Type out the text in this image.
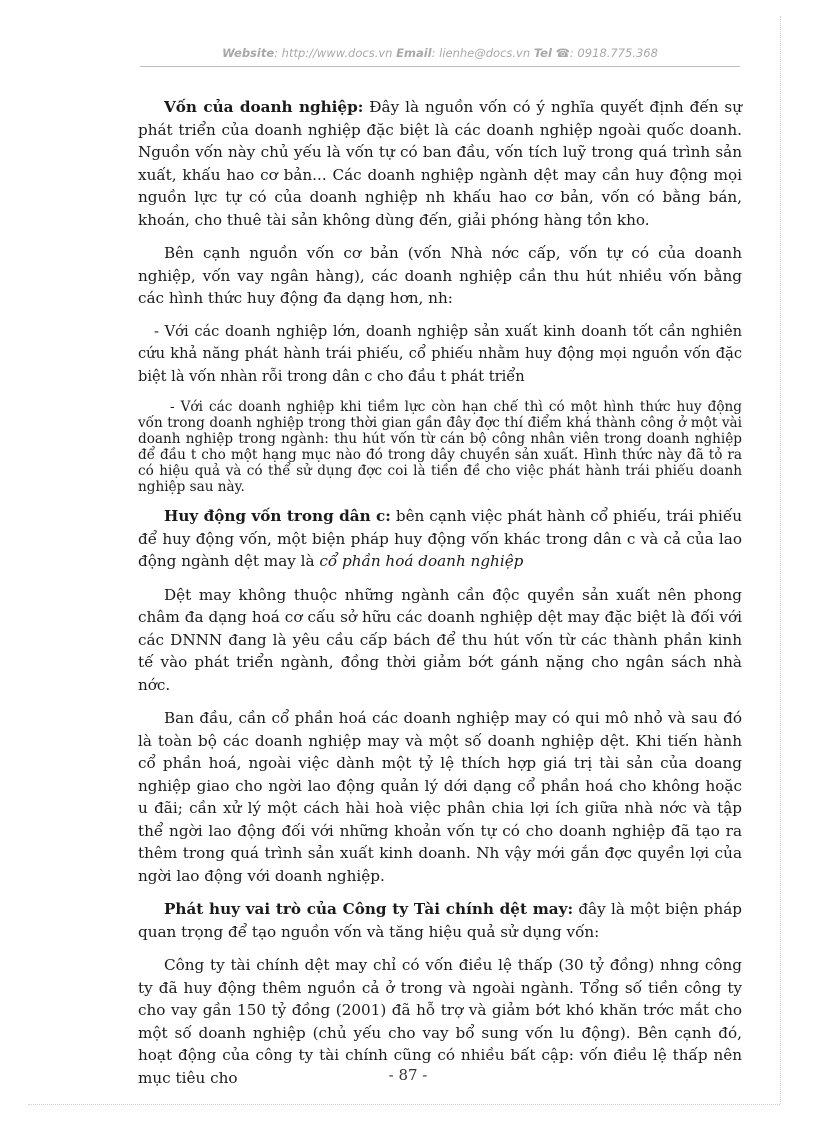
Website: http://www.docs.vn Email: lienhe@docs.vn Tel ☎: 0918.775.368

Vốn của doanh nghiệp: Đây là nguồn vốn có ý nghĩa quyết định đến sự phát triển của doanh nghiệp đặc biệt là các doanh nghiệp ngoài quốc doanh. Nguồn vốn này chủ yếu là vốn tự có ban đầu, vốn tích luỹ trong quá trình sản xuất, khấu hao cơ bản... Các doanh nghiệp ngành dệt may cần huy động mọi nguồn lực tự có của doanh nghiệp nh khấu hao cơ bản, vốn có bằng bán, khoán, cho thuê tài sản không dùng đến, giải phóng hàng tồn kho.

Bên cạnh nguồn vốn cơ bản (vốn Nhà nớc cấp, vốn tự có của doanh nghiệp, vốn vay ngân hàng), các doanh nghiệp cần thu hút nhiều vốn bằng các hình thức huy động đa dạng hơn, nh:

- Với các doanh nghiệp lớn, doanh nghiệp sản xuất kinh doanh tốt cần nghiên cứu khả năng phát hành trái phiếu, cổ phiếu nhằm huy động mọi nguồn vốn đặc biệt là vốn nhàn rỗi trong dân c cho đầu t phát triển

- Với các doanh nghiệp khi tiềm lực còn hạn chế thì có một hình thức huy động vốn trong doanh nghiệp trong thời gian gần đây đợc thí điểm khá thành công ở một vài doanh nghiệp trong ngành: thu hút vốn từ cán bộ công nhân viên trong doanh nghiệp để đầu t cho một hạng mục nào đó trong dây chuyền sản xuất. Hình thức này đã tỏ ra có hiệu quả và có thể sử dụng đợc coi là tiền đề cho việc phát hành trái phiếu doanh nghiệp sau này.

Huy động vốn trong dân c: bên cạnh việc phát hành cổ phiếu, trái phiếu để huy động vốn, một biện pháp huy động vốn khác trong dân c và cả của lao động ngành dệt may là cổ phần hoá doanh nghiệp

Dệt may không thuộc những ngành cần độc quyền sản xuất nên phong châm đa dạng hoá cơ cấu sở hữu các doanh nghiệp dệt may đặc biệt là đối với các DNNN đang là yêu cầu cấp bách để thu hút vốn từ các thành phần kinh tế vào phát triển ngành, đồng thời giảm bớt gánh nặng cho ngân sách nhà nớc.

Ban đầu, cần cổ phần hoá các doanh nghiệp may có qui mô nhỏ và sau đó là toàn bộ các doanh nghiệp may và một số doanh nghiệp dệt. Khi tiến hành cổ phần hoá, ngoài việc dành một tỷ lệ thích hợp giá trị tài sản của doang nghiệp giao cho ngời lao động quản lý dới dạng cổ phần hoá cho không hoặc u đãi; cần xử lý một cách hài hoà việc phân chia lợi ích giữa nhà nớc và tập thể ngời lao động đối với những khoản vốn tự có cho doanh nghiệp đã tạo ra thêm trong quá trình sản xuất kinh doanh. Nh vậy mới gắn đợc quyền lợi của ngời lao động với doanh nghiệp.

Phát huy vai trò của Công ty Tài chính dệt may: đây là một biện pháp quan trọng để tạo nguồn vốn và tăng hiệu quả sử dụng vốn:

Công ty tài chính dệt may chỉ có vốn điều lệ thấp (30 tỷ đồng) nhng công ty đã huy động thêm nguồn cả ở trong và ngoài ngành. Tổng số tiền công ty cho vay gần 150 tỷ đồng (2001) đã hỗ trợ và giảm bớt khó khăn trớc mắt cho một số doanh nghiệp (chủ yếu cho vay bổ sung vốn lu động). Bên cạnh đó, hoạt động của công ty tài chính cũng có nhiều bất cập: vốn điều lệ thấp nên mục tiêu cho	- 87 -
